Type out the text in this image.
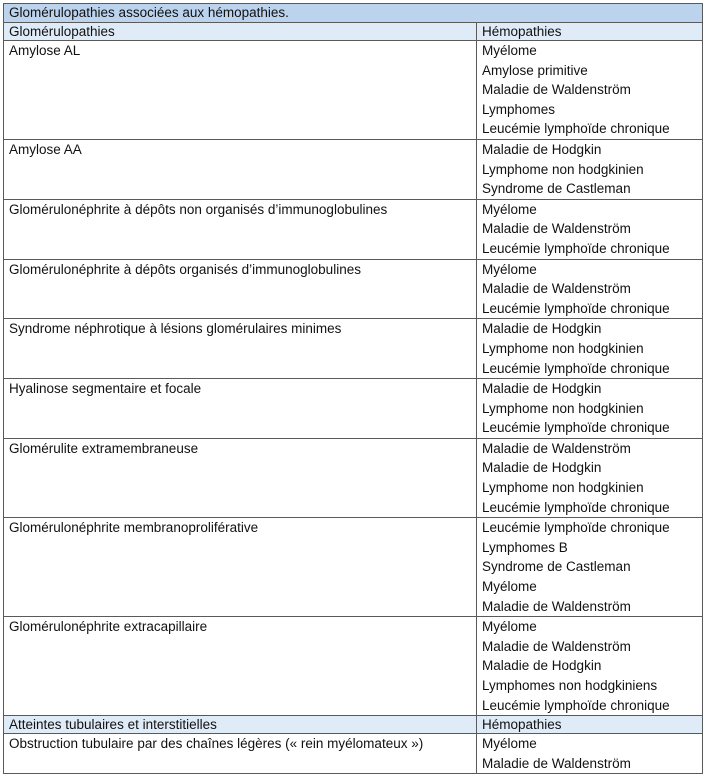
Glomérulopathies associées aux hémopathies.	
Glomérulopathies	Hémopathies

Amylose AL	Myélome
Amylose primitive
Maladie de Waldenström
Lymphomes
Leucémie lymphoïde chronique

Amylose AA	Maladie de Hodgkin
Lymphome non hodgkinien
Syndrome de Castleman

Glomérulonéphrite à dépôts non organisés d’immunoglobulines	Myélome
Maladie de Waldenström
Leucémie lymphoïde chronique

Glomérulonéphrite à dépôts organisés d’immunoglobulines	Myélome
Maladie de Waldenström
Leucémie lymphoïde chronique

Syndrome néphrotique à lésions glomérulaires minimes	Maladie de Hodgkin
Lymphome non hodgkinien
Leucémie lymphoïde chronique

Hyalinose segmentaire et focale	Maladie de Hodgkin
Lymphome non hodgkinien
Leucémie lymphoïde chronique

Glomérulite extramembraneuse	Maladie de Waldenström
Maladie de Hodgkin
Lymphome non hodgkinien
Leucémie lymphoïde chronique

Glomérulonéphrite membranoproliférative	Leucémie lymphoïde chronique
Lymphomes B
Syndrome de Castleman
Myélome
Maladie de Waldenström

Glomérulonéphrite extracapillaire	Myélome
Maladie de Waldenström
Maladie de Hodgkin
Lymphomes non hodgkiniens
Leucémie lymphoïde chronique

Atteintes tubulaires et interstitielles	Hémopathies

Obstruction tubulaire par des chaînes légères (« rein myélomateux »)	Myélome
Maladie de Waldenström
